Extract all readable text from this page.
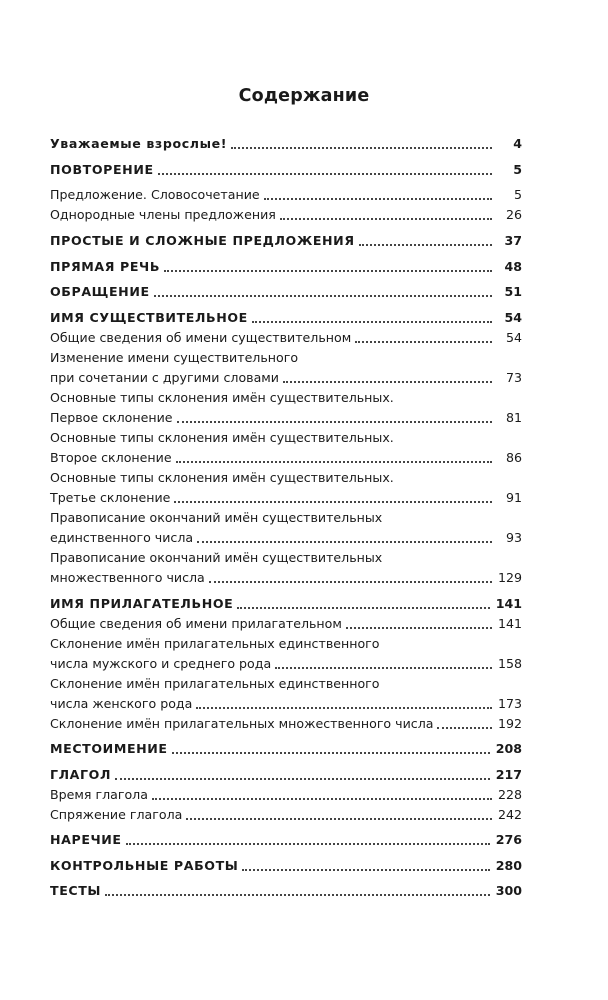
Содержание
Уважаемые взрослые!	4
ПОВТОРЕНИЕ	5
Предложение. Словосочетание	5
Однородные члены предложения	26
ПРОСТЫЕ И СЛОЖНЫЕ ПРЕДЛОЖЕНИЯ	37
ПРЯМАЯ РЕЧЬ	48
ОБРАЩЕНИЕ	51
ИМЯ СУЩЕСТВИТЕЛЬНОЕ	54
Общие сведения об имени существительном	54
Изменение имени существительного
при сочетании с другими словами	73
Основные типы склонения имён существительных.
Первое склонение	81
Основные типы склонения имён существительных.
Второе склонение	86
Основные типы склонения имён существительных.
Третье склонение	91
Правописание окончаний имён существительных
единственного числа	93
Правописание окончаний имён существительных
множественного числа	129
ИМЯ ПРИЛАГАТЕЛЬНОЕ	141
Общие сведения об имени прилагательном	141
Склонение имён прилагательных единственного
числа мужского и среднего рода	158
Склонение имён прилагательных единственного
числа женского рода	173
Склонение имён прилагательных множественного числа	192
МЕСТОИМЕНИЕ	208
ГЛАГОЛ	217
Время глагола	228
Спряжение глагола	242
НАРЕЧИЕ	276
КОНТРОЛЬНЫЕ РАБОТЫ	280
ТЕСТЫ	300
